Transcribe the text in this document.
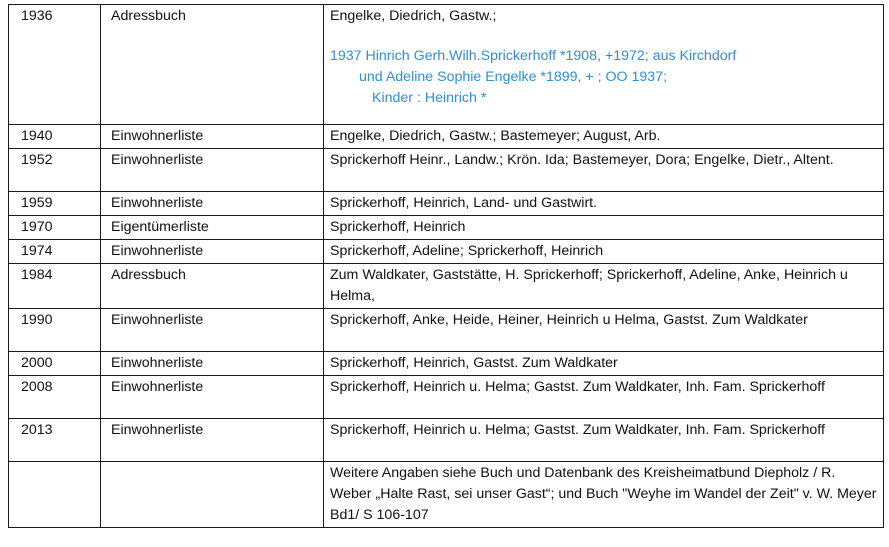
1936	Adressbuch	Engelke, Diedrich, Gastw.;
1937 Hinrich Gerh.Wilh.Sprickerhoff *1908, +1972; aus Kirchdorf
und Adeline Sophie Engelke *1899, + ; OO 1937;
Kinder : Heinrich *

1940	Einwohnerliste	Engelke, Diedrich, Gastw.; Bastemeyer; August, Arb.
1952	Einwohnerliste	Sprickerhoff Heinr., Landw.; Krön. Ida; Bastemeyer, Dora; Engelke, Dietr., Altent.
1959	Einwohnerliste	Sprickerhoff, Heinrich, Land- und Gastwirt.
1970	Eigentümerliste	Sprickerhoff, Heinrich
1974	Einwohnerliste	Sprickerhoff, Adeline; Sprickerhoff, Heinrich
1984	Adressbuch	Zum Waldkater, Gaststätte, H. Sprickerhoff; Sprickerhoff, Adeline, Anke, Heinrich u Helma,
1990	Einwohnerliste	Sprickerhoff, Anke, Heide, Heiner, Heinrich u Helma, Gastst. Zum Waldkater
2000	Einwohnerliste	Sprickerhoff, Heinrich, Gastst. Zum Waldkater
2008	Einwohnerliste	Sprickerhoff, Heinrich u. Helma; Gastst. Zum Waldkater, Inh. Fam. Sprickerhoff
2013	Einwohnerliste	Sprickerhoff, Heinrich u. Helma; Gastst. Zum Waldkater, Inh. Fam. Sprickerhoff
		Weitere Angaben siehe Buch und Datenbank des Kreisheimatbund Diepholz / R. Weber „Halte Rast, sei unser Gast“; und Buch "Weyhe im Wandel der Zeit" v. W. Meyer Bd1/ S 106-107
